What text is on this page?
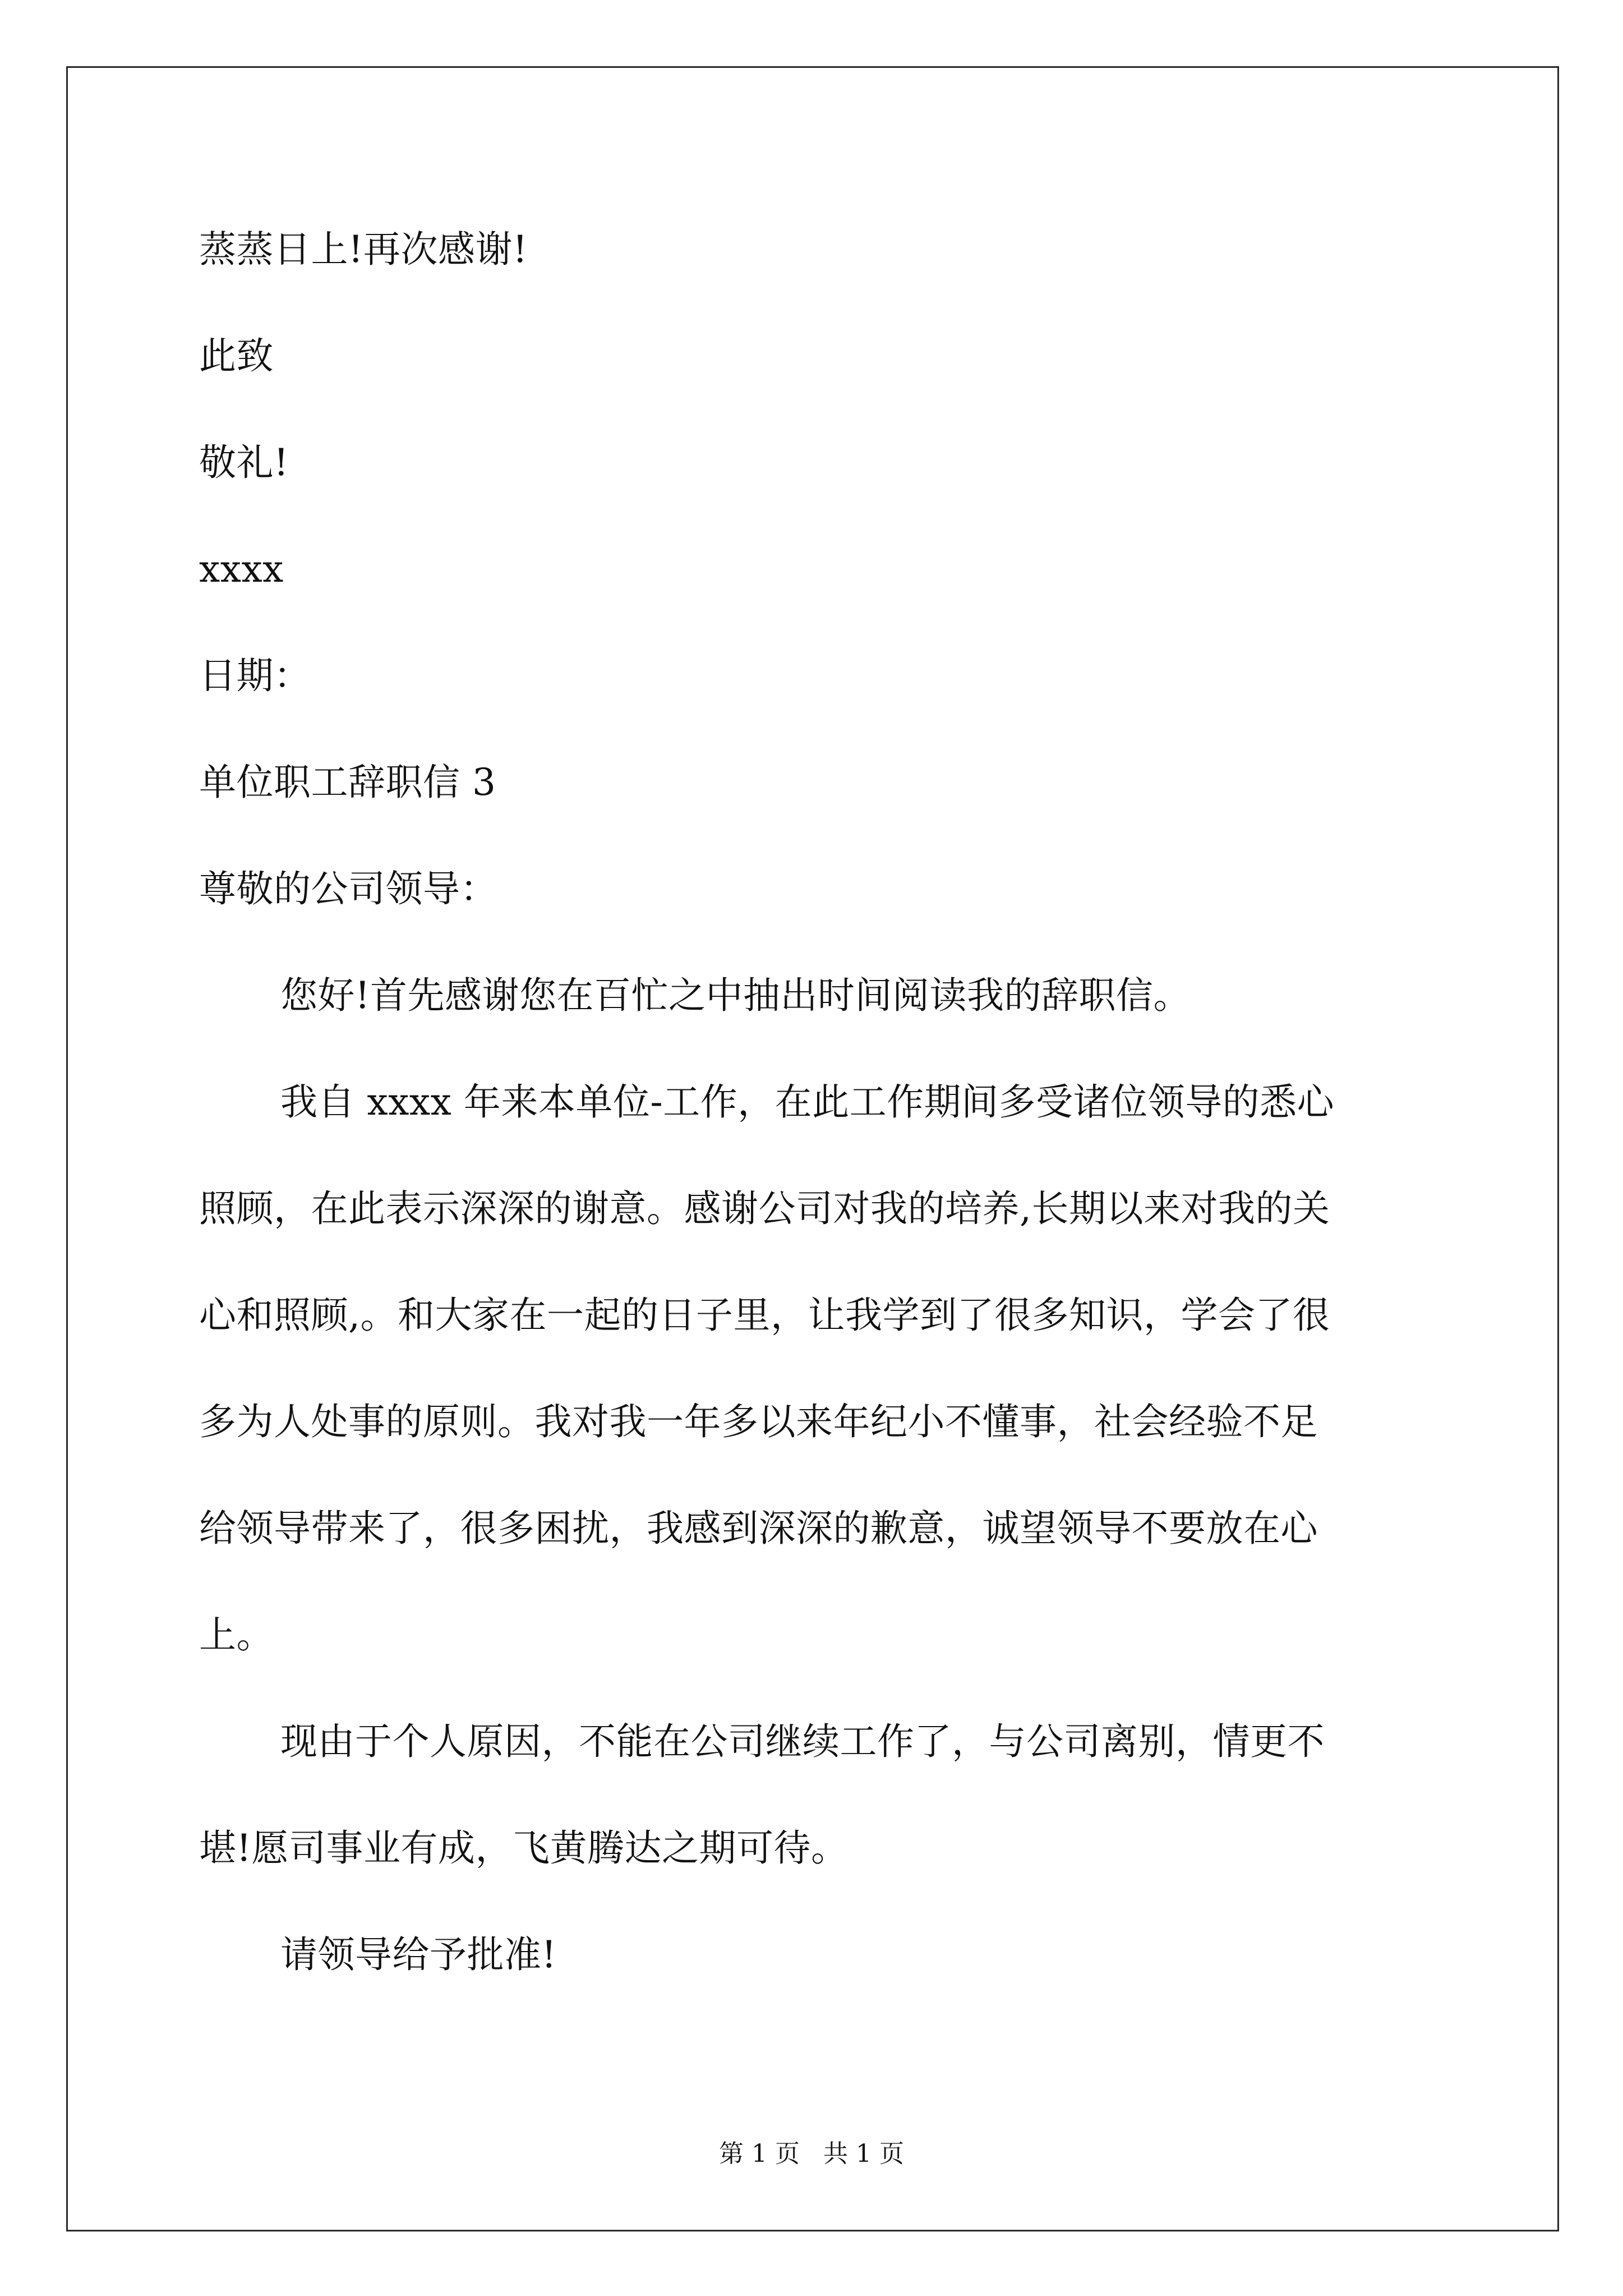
蒸蒸日上!再次感谢!
此致
敬礼!
xxxx
日期：
单位职工辞职信 3
尊敬的公司领导：
您好!首先感谢您在百忙之中抽出时间阅读我的辞职信。
我自 xxxx 年来本单位-工作，在此工作期间多受诸位领导的悉心
照顾，在此表示深深的谢意。感谢公司对我的培养,长期以来对我的关
心和照顾,。和大家在一起的日子里，让我学到了很多知识，学会了很
多为人处事的原则。我对我一年多以来年纪小不懂事，社会经验不足
给领导带来了，很多困扰，我感到深深的歉意，诚望领导不要放在心
上。
现由于个人原因，不能在公司继续工作了，与公司离别，情更不
堪!愿司事业有成，飞黄腾达之期可待。
请领导给予批准!
第 1 页   共 1 页
